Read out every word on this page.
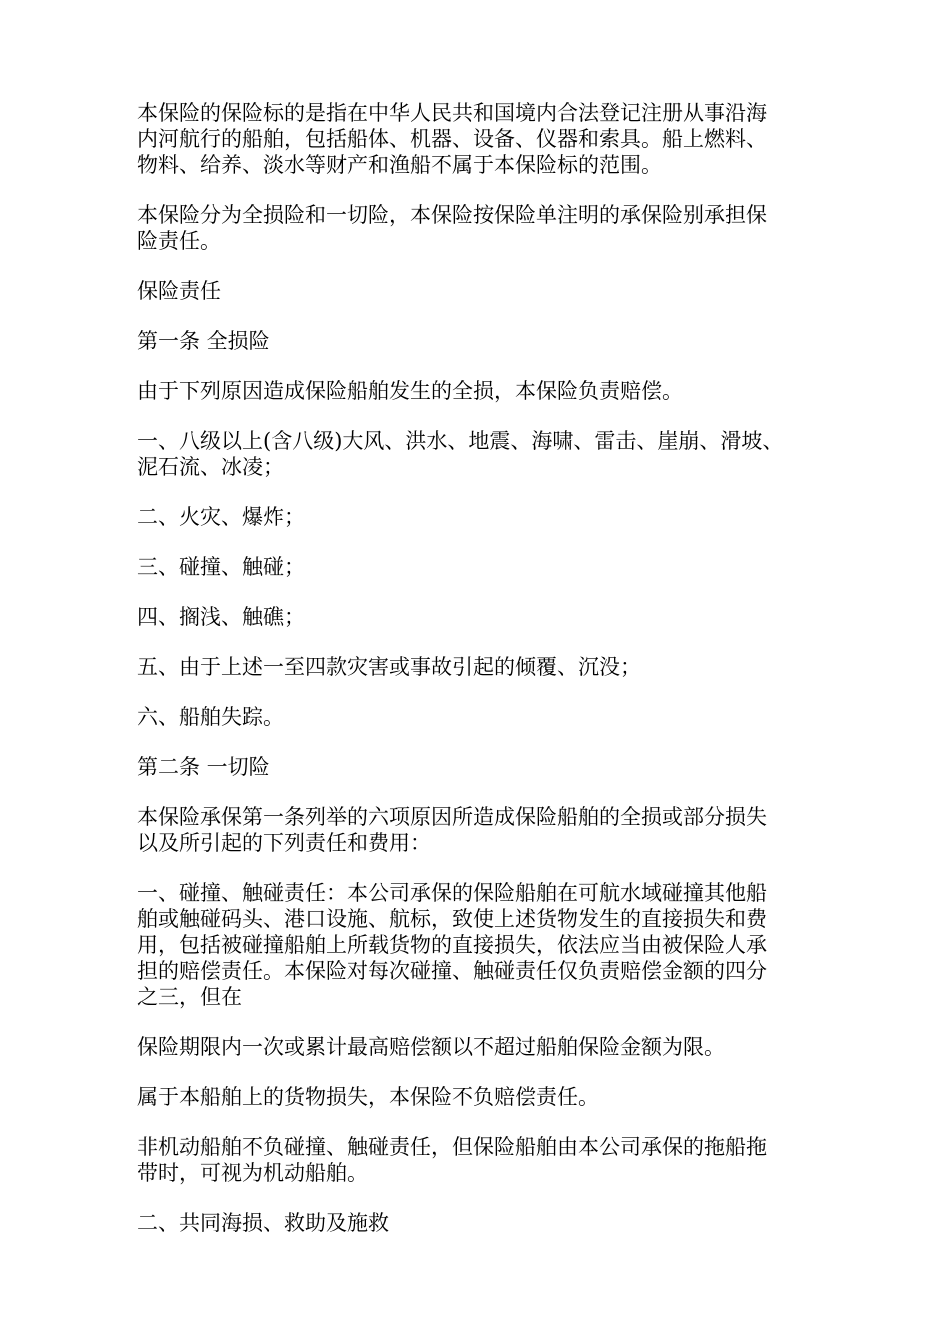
本保险的保险标的是指在中华人民共和国境内合法登记注册从事沿海
内河航行的船舶，包括船体、机器、设备、仪器和索具。船上燃料、
物料、给养、淡水等财产和渔船不属于本保险标的范围。

本保险分为全损险和一切险，本保险按保险单注明的承保险别承担保
险责任。

保险责任

第一条 全损险

由于下列原因造成保险船舶发生的全损，本保险负责赔偿。

一、八级以上(含八级)大风、洪水、地震、海啸、雷击、崖崩、滑坡、
泥石流、冰凌；

二、火灾、爆炸；

三、碰撞、触碰；

四、搁浅、触礁；

五、由于上述一至四款灾害或事故引起的倾覆、沉没；

六、船舶失踪。

第二条 一切险

本保险承保第一条列举的六项原因所造成保险船舶的全损或部分损失
以及所引起的下列责任和费用：

一、碰撞、触碰责任：本公司承保的保险船舶在可航水域碰撞其他船
舶或触碰码头、港口设施、航标，致使上述货物发生的直接损失和费
用，包括被碰撞船舶上所载货物的直接损失，依法应当由被保险人承
担的赔偿责任。本保险对每次碰撞、触碰责任仅负责赔偿金额的四分
之三，但在

保险期限内一次或累计最高赔偿额以不超过船舶保险金额为限。

属于本船舶上的货物损失，本保险不负赔偿责任。

非机动船舶不负碰撞、触碰责任，但保险船舶由本公司承保的拖船拖
带时，可视为机动船舶。

二、共同海损、救助及施救
